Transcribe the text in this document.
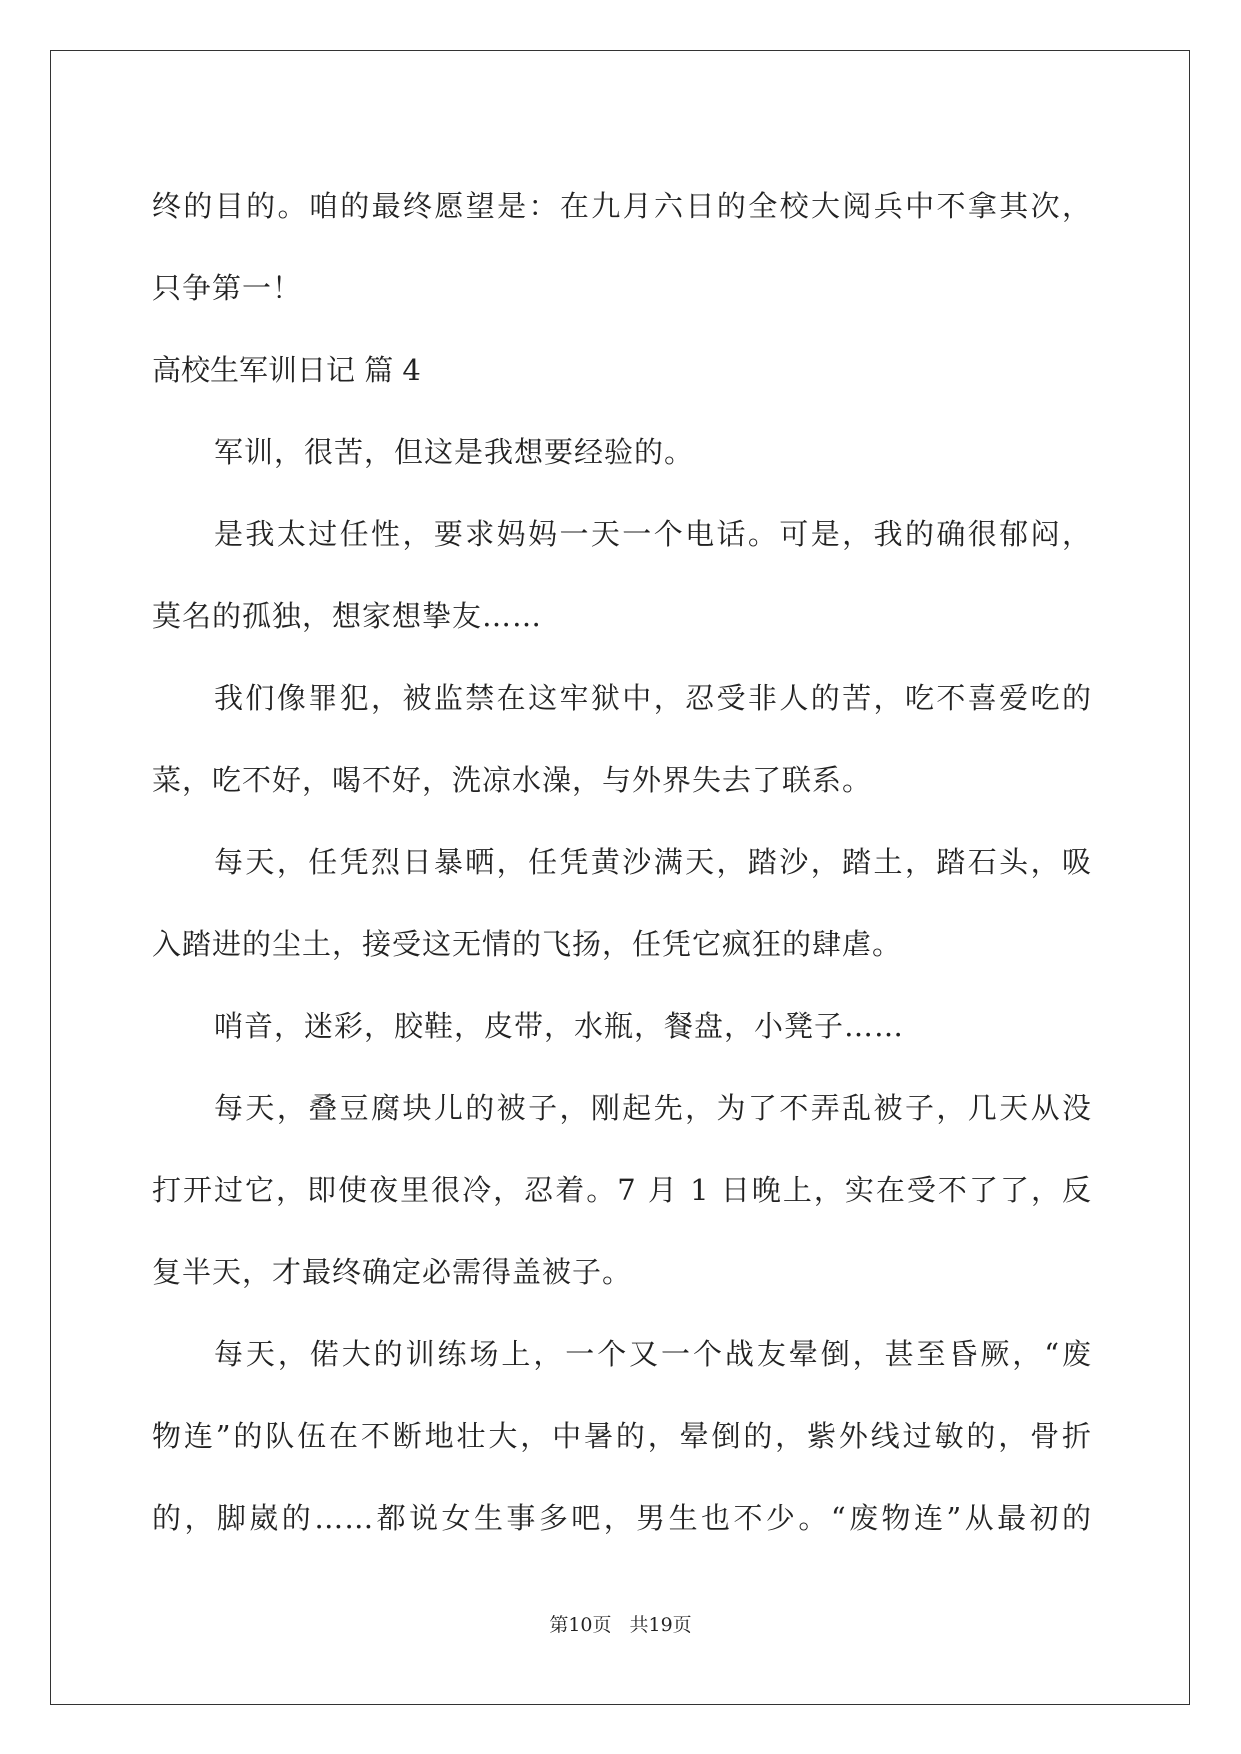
终的目的。咱的最终愿望是：在九月六日的全校大阅兵中不拿其次，
只争第一！
高校生军训日记 篇 4
军训，很苦，但这是我想要经验的。
是我太过任性，要求妈妈一天一个电话。可是，我的确很郁闷，
莫名的孤独，想家想挚友……
我们像罪犯，被监禁在这牢狱中，忍受非人的苦，吃不喜爱吃的
菜，吃不好，喝不好，洗凉水澡，与外界失去了联系。
每天，任凭烈日暴晒，任凭黄沙满天，踏沙，踏土，踏石头，吸
入踏进的尘土，接受这无情的飞扬，任凭它疯狂的肆虐。
哨音，迷彩，胶鞋，皮带，水瓶，餐盘，小凳子……
每天，叠豆腐块儿的被子，刚起先，为了不弄乱被子，几天从没
打开过它，即使夜里很冷，忍着。7 月 1 日晚上，实在受不了了，反
复半天，才最终确定必需得盖被子。
每天，偌大的训练场上，一个又一个战友晕倒，甚至昏厥，“废
物连”的队伍在不断地壮大，中暑的，晕倒的，紫外线过敏的，骨折
的，脚崴的……都说女生事多吧，男生也不少。“废物连”从最初的
第10页 共19页
